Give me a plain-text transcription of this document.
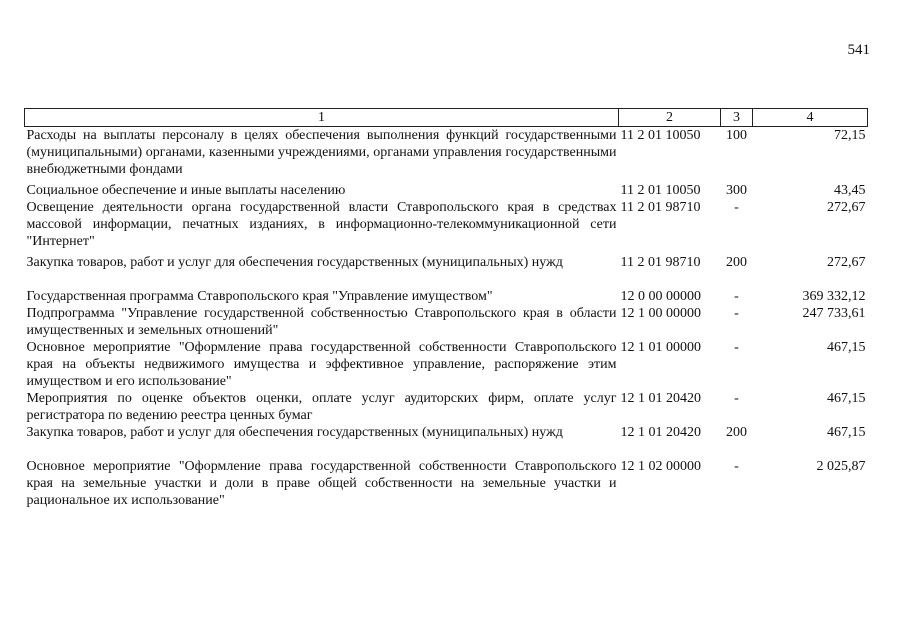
541
1	2	3	4
Расходы на выплаты персоналу в целях обеспечения выполнения функций государственными (муниципальными) органами, казенными учреждениями, органами управления государственными внебюджетными фондами	11 2 01 10050	100	72,15
Социальное обеспечение и иные выплаты населению	11 2 01 10050	300	43,45
Освещение деятельности органа государственной власти Ставропольского края в средствах массовой информации, печатных изданиях, в информационно-телекоммуникационной сети "Интернет"	11 2 01 98710	-	272,67
Закупка товаров, работ и услуг для обеспечения государственных (муниципальных) нужд	11 2 01 98710	200	272,67

Государственная программа Ставропольского края "Управление имуществом"	12 0 00 00000	-	369 332,12
Подпрограмма "Управление государственной собственностью Ставропольского края в области имущественных и земельных отношений"	12 1 00 00000	-	247 733,61
Основное мероприятие "Оформление права государственной собственности Ставропольского края на объекты недвижимого имущества и эффективное управление, распоряжение этим имуществом и его использование"	12 1 01 00000	-	467,15
Мероприятия по оценке объектов оценки, оплате услуг аудиторских фирм, оплате услуг регистратора по ведению реестра ценных бумаг	12 1 01 20420	-	467,15
Закупка товаров, работ и услуг для обеспечения государственных (муниципальных) нужд	12 1 01 20420	200	467,15

Основное мероприятие "Оформление права государственной собственности Ставропольского края на земельные участки и доли в праве общей собственности на земельные участки и рациональное их использование"	12 1 02 00000	-	2 025,87
